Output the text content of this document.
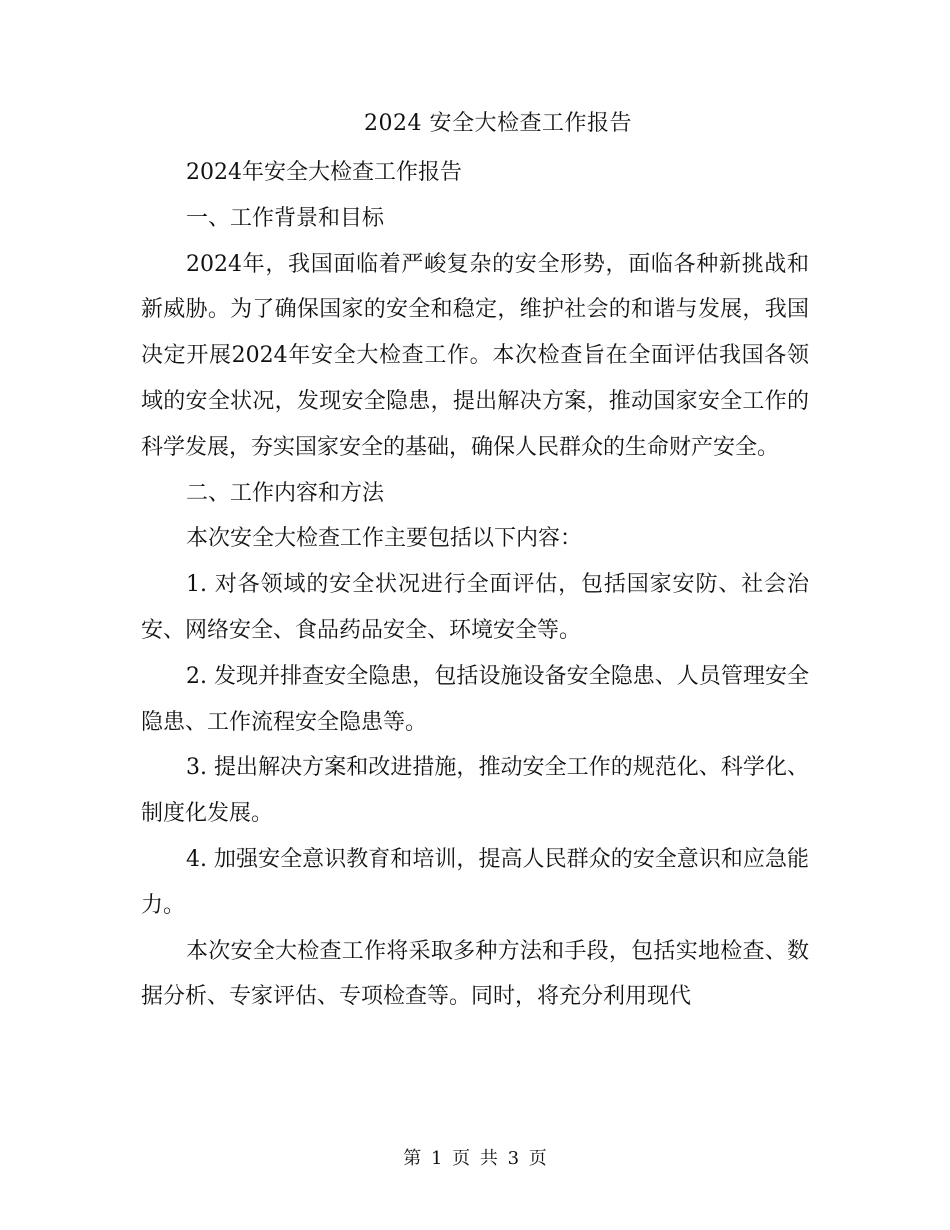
2024 安全大检查工作报告

2024年安全大检查工作报告

一、工作背景和目标

2024年，我国面临着严峻复杂的安全形势，面临各种新挑战和新威胁。为了确保国家的安全和稳定，维护社会的和谐与发展，我国决定开展2024年安全大检查工作。本次检查旨在全面评估我国各领域的安全状况，发现安全隐患，提出解决方案，推动国家安全工作的科学发展，夯实国家安全的基础，确保人民群众的生命财产安全。

二、工作内容和方法

本次安全大检查工作主要包括以下内容：

1. 对各领域的安全状况进行全面评估，包括国家安防、社会治安、网络安全、食品药品安全、环境安全等。

2. 发现并排查安全隐患，包括设施设备安全隐患、人员管理安全隐患、工作流程安全隐患等。

3. 提出解决方案和改进措施，推动安全工作的规范化、科学化、制度化发展。

4. 加强安全意识教育和培训，提高人民群众的安全意识和应急能力。

本次安全大检查工作将采取多种方法和手段，包括实地检查、数据分析、专家评估、专项检查等。同时，将充分利用现代

第 1 页 共 3 页
